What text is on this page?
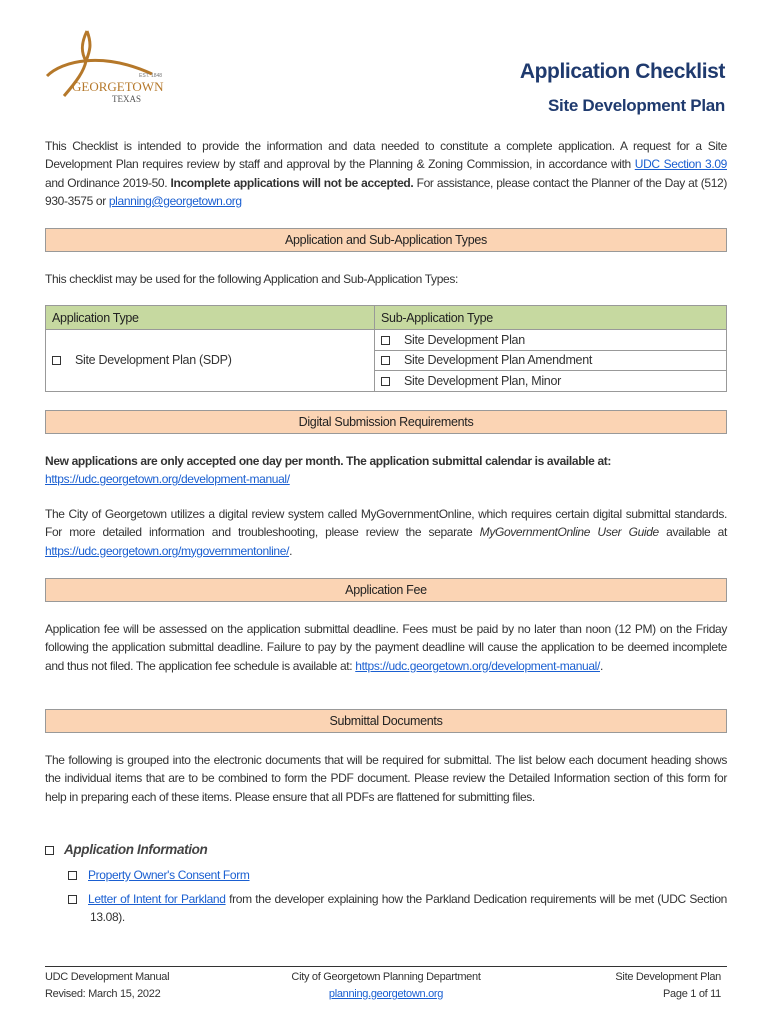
EST. 1848
GEORGETOWN
TEXAS
Application Checklist
Site Development Plan
This Checklist is intended to provide the information and data needed to constitute a complete application. A request for a Site Development Plan requires review by staff and approval by the Planning & Zoning Commission, in accordance with UDC Section 3.09 and Ordinance 2019-50. Incomplete applications will not be accepted. For assistance, please contact the Planner of the Day at (512) 930-3575 or planning@georgetown.org
Application and Sub-Application Types
This checklist may be used for the following Application and Sub-Application Types:
Application Type	Sub-Application Type
Site Development Plan (SDP)	Site Development Plan
	Site Development Plan Amendment
	Site Development Plan, Minor
Digital Submission Requirements
New applications are only accepted one day per month. The application submittal calendar is available at:
https://udc.georgetown.org/development-manual/
The City of Georgetown utilizes a digital review system called MyGovernmentOnline, which requires certain digital submittal standards. For more detailed information and troubleshooting, please review the separate MyGovernmentOnline User Guide available at https://udc.georgetown.org/mygovernmentonline/.
Application Fee
Application fee will be assessed on the application submittal deadline. Fees must be paid by no later than noon (12 PM) on the Friday following the application submittal deadline. Failure to pay by the payment deadline will cause the application to be deemed incomplete and thus not filed. The application fee schedule is available at: https://udc.georgetown.org/development-manual/.
Submittal Documents
The following is grouped into the electronic documents that will be required for submittal. The list below each document heading shows the individual items that are to be combined to form the PDF document. Please review the Detailed Information section of this form for help in preparing each of these items. Please ensure that all PDFs are flattened for submitting files.
Application Information
Property Owner's Consent Form
Letter of Intent for Parkland from the developer explaining how the Parkland Dedication requirements will be met (UDC Section 13.08).
UDC Development Manual
Revised: March 15, 2022
City of Georgetown Planning Department
planning.georgetown.org
Site Development Plan
Page 1 of 11
